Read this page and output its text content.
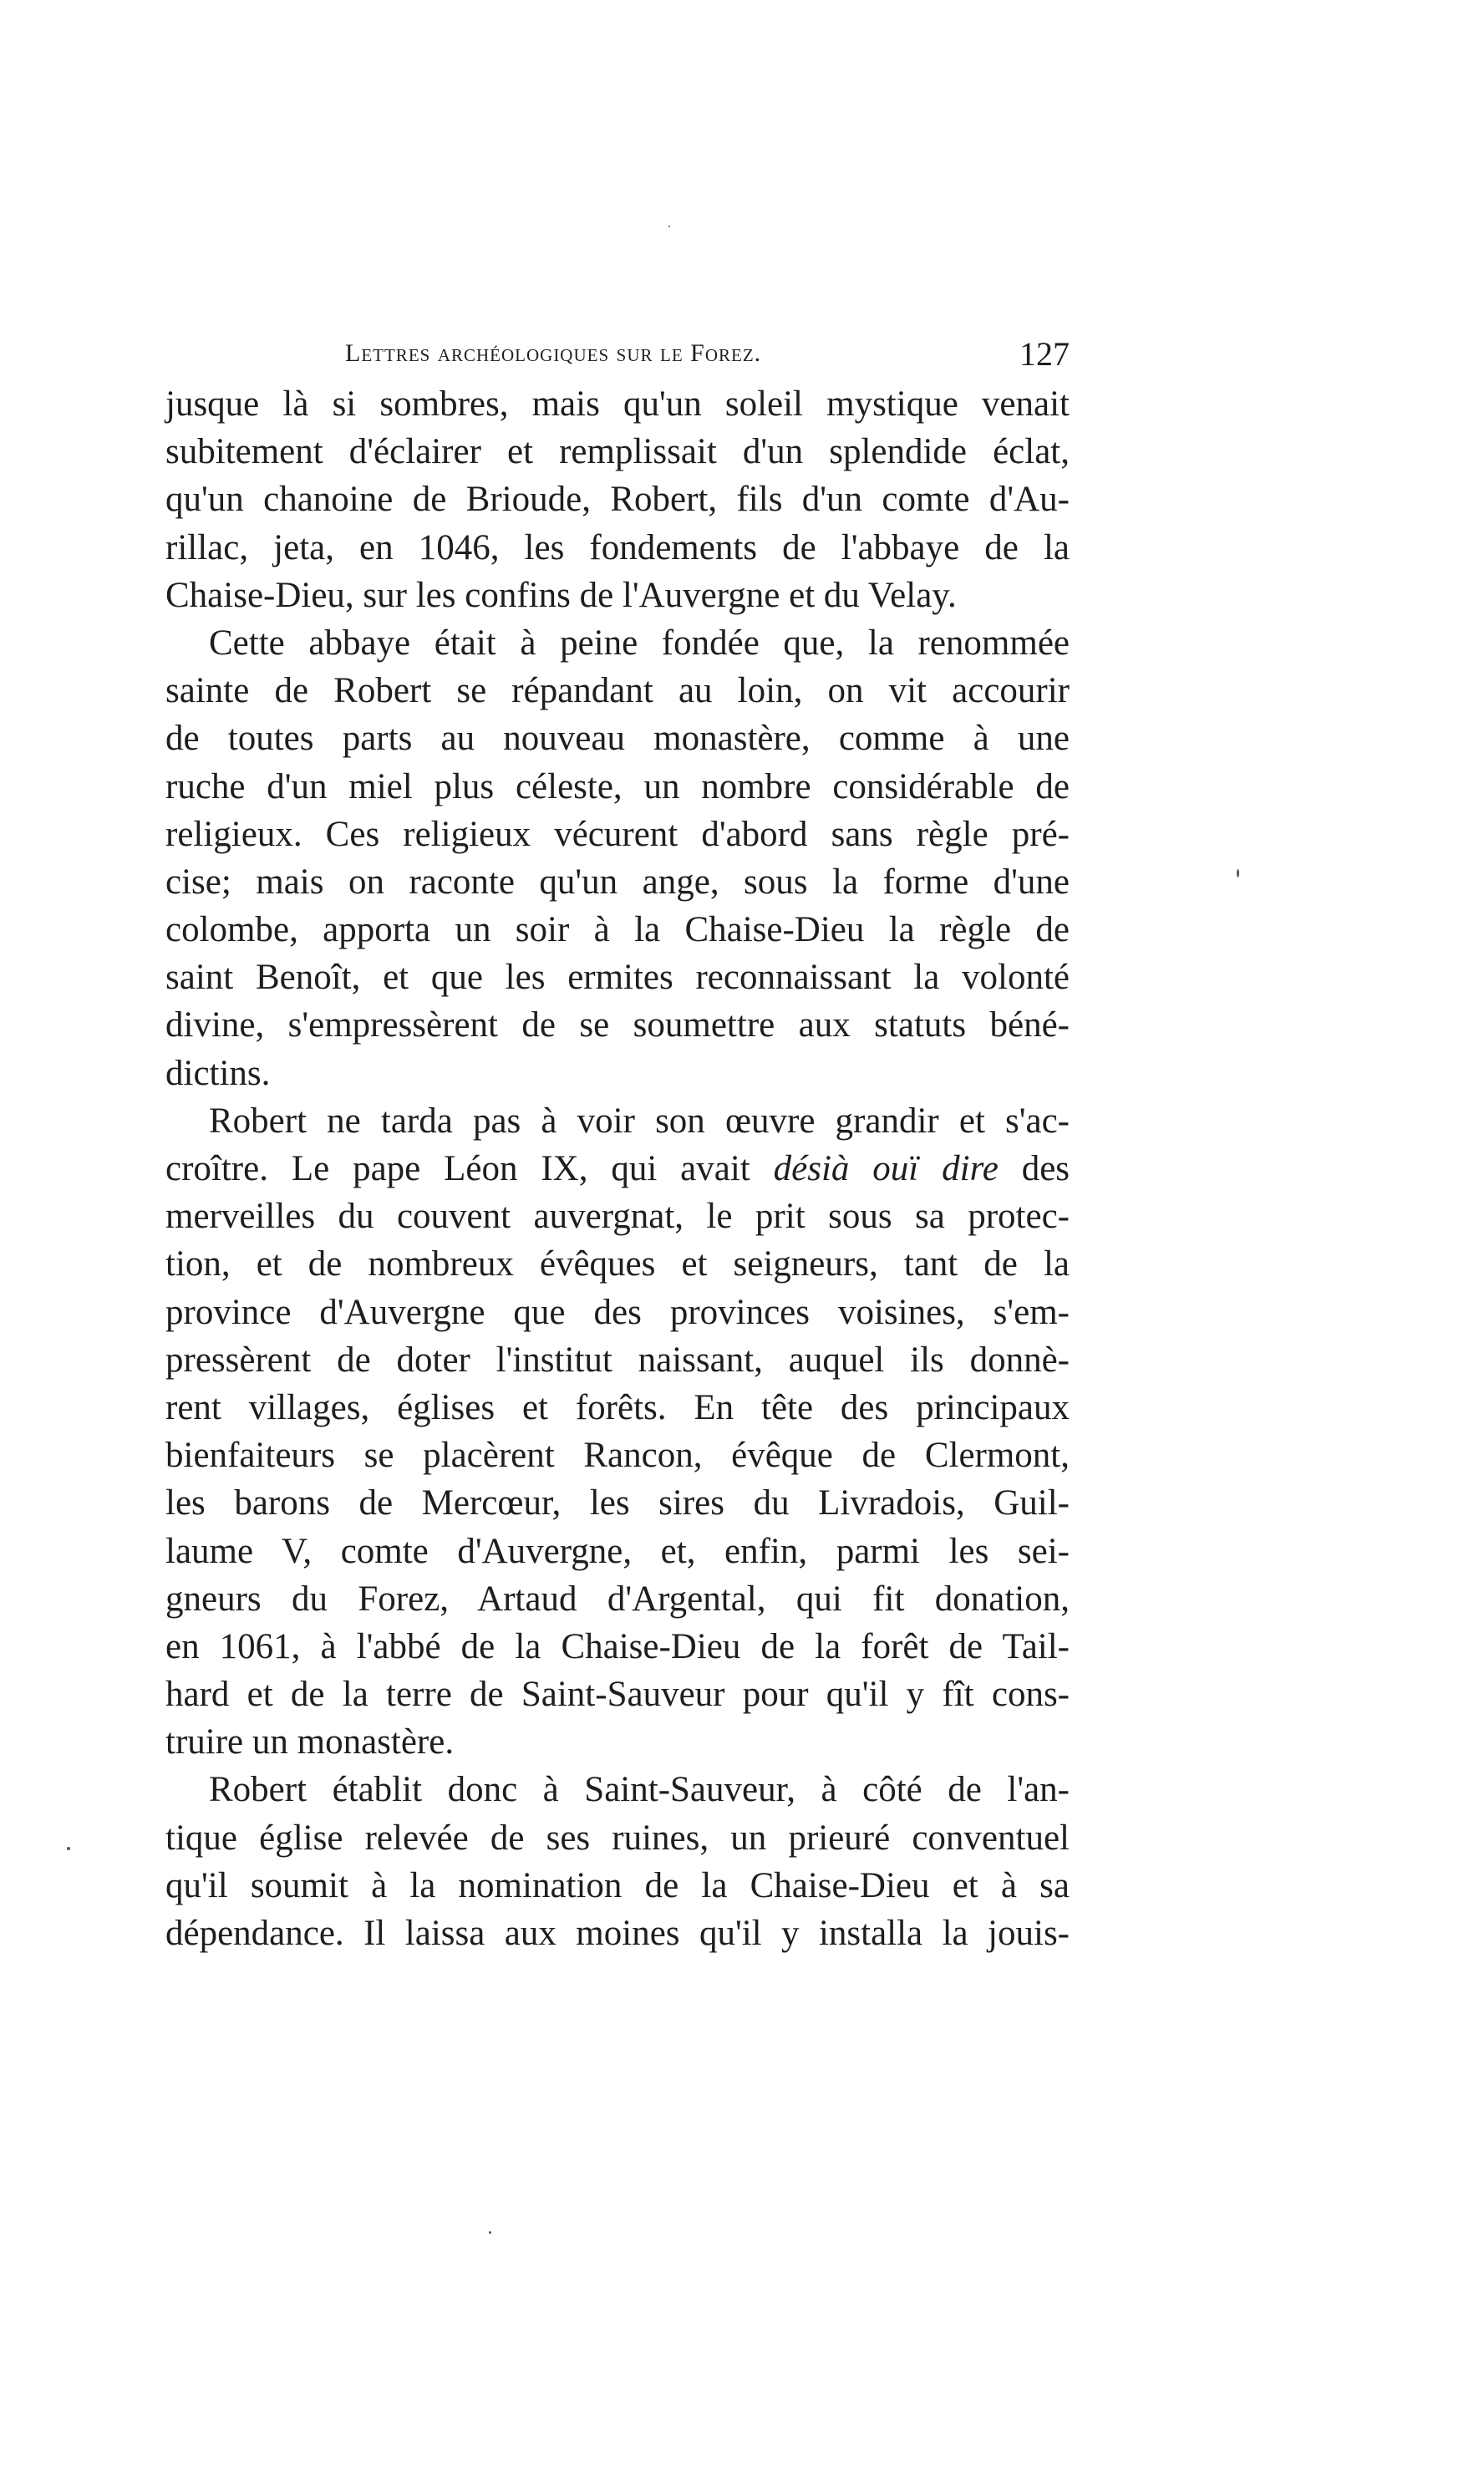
Lettres archéologiques sur le Forez.	127
jusque là si sombres, mais qu'un soleil mystique venait
subitement d'éclairer et remplissait d'un splendide éclat,
qu'un chanoine de Brioude, Robert, fils d'un comte d'Au-
rillac, jeta, en 1046, les fondements de l'abbaye de la
Chaise-Dieu, sur les confins de l'Auvergne et du Velay.
Cette abbaye était à peine fondée que, la renommée
sainte de Robert se répandant au loin, on vit accourir
de toutes parts au nouveau monastère, comme à une
ruche d'un miel plus céleste, un nombre considérable de
religieux. Ces religieux vécurent d'abord sans règle pré-
cise; mais on raconte qu'un ange, sous la forme d'une
colombe, apporta un soir à la Chaise-Dieu la règle de
saint Benoît, et que les ermites reconnaissant la volonté
divine, s'empressèrent de se soumettre aux statuts béné-
dictins.
Robert ne tarda pas à voir son œuvre grandir et s'ac-
croître. Le pape Léon IX, qui avait désià ouï dire des
merveilles du couvent auvergnat, le prit sous sa protec-
tion, et de nombreux évêques et seigneurs, tant de la
province d'Auvergne que des provinces voisines, s'em-
pressèrent de doter l'institut naissant, auquel ils donnè-
rent villages, églises et forêts. En tête des principaux
bienfaiteurs se placèrent Rancon, évêque de Clermont,
les barons de Mercœur, les sires du Livradois, Guil-
laume V, comte d'Auvergne, et, enfin, parmi les sei-
gneurs du Forez, Artaud d'Argental, qui fit donation,
en 1061, à l'abbé de la Chaise-Dieu de la forêt de Tail-
hard et de la terre de Saint-Sauveur pour qu'il y fît cons-
truire un monastère.
Robert établit donc à Saint-Sauveur, à côté de l'an-
tique église relevée de ses ruines, un prieuré conventuel
qu'il soumit à la nomination de la Chaise-Dieu et à sa
dépendance. Il laissa aux moines qu'il y installa la jouis-
